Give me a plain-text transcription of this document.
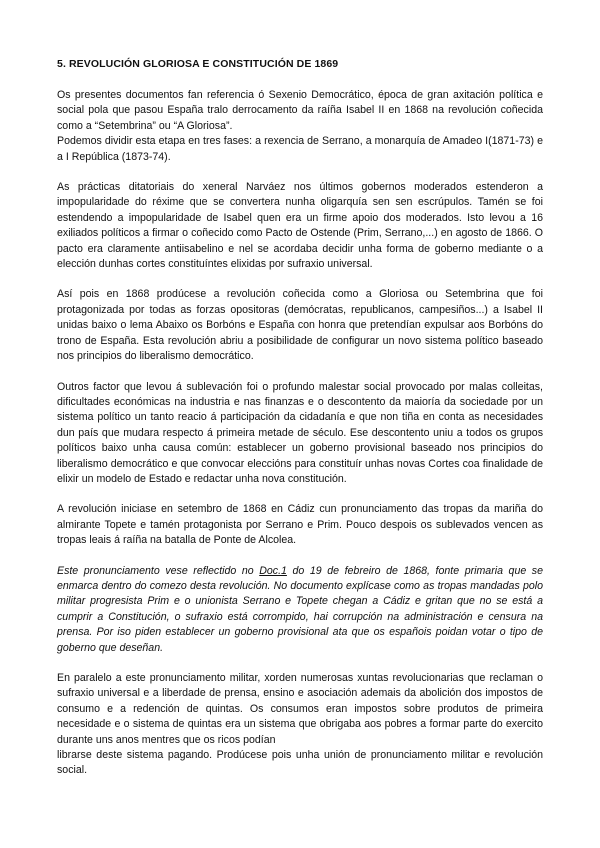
5. REVOLUCIÓN GLORIOSA E CONSTITUCIÓN DE 1869

Os presentes documentos fan referencia ó Sexenio Democrático, época de gran axitación política e social pola que pasou España tralo derrocamento da raíña Isabel II en 1868 na revolución coñecida como a “Setembrina” ou “A Gloriosa”.
Podemos dividir esta etapa en tres fases: a rexencia de Serrano, a monarquía de Amadeo I(1871-73) e a I República (1873-74).

As prácticas ditatoriais do xeneral Narváez nos últimos gobernos moderados estenderon a impopularidade do réxime que se convertera nunha oligarquía sen sen escrúpulos. Tamén se foi estendendo a impopularidade de Isabel quen era un firme apoio dos moderados. Isto levou a 16 exiliados políticos a firmar o coñecido como Pacto de Ostende (Prim, Serrano,...) en agosto de 1866. O pacto era claramente antiisabelino e nel se acordaba decidir unha forma de goberno mediante o a elección dunhas cortes constituíntes elixidas por sufraxio universal.

Así pois en 1868 prodúcese a revolución coñecida como a Gloriosa ou Setembrina que foi protagonizada por todas as forzas opositoras (demócratas, republicanos, campesiños...) a Isabel II unidas baixo o lema Abaixo os Borbóns e España con honra que pretendían expulsar aos Borbóns do trono de España. Esta revolución abriu a posibilidade de configurar un novo sistema político baseado nos principios do liberalismo democrático.

Outros factor que levou á sublevación foi o profundo malestar social provocado por malas colleitas, dificultades económicas na industria e nas finanzas e o descontento da maioría da sociedade por un sistema político un tanto reacio á participación da cidadanía e que non tiña en conta as necesidades dun país que mudara respecto á primeira metade de século. Ese descontento uniu a todos os grupos políticos baixo unha causa común: establecer un goberno provisional baseado nos principios do liberalismo democrático e que convocar eleccións para constituír unhas novas Cortes coa finalidade de elixir un modelo de Estado e redactar unha nova constitución.

A revolución iniciase en setembro de 1868 en Cádiz cun pronunciamento das tropas da mariña do almirante Topete e tamén protagonista por Serrano e Prim. Pouco despois os sublevados vencen as tropas leais á raíña na batalla de Ponte de Alcolea.

Este pronunciamento vese reflectido no Doc.1 do 19 de febreiro de 1868, fonte primaria que se enmarca dentro do comezo desta revolución. No documento explícase como as tropas mandadas polo militar progresista Prim e o unionista Serrano e Topete chegan a Cádiz e gritan que no se está a cumprir a Constitución, o sufraxio está corrompido, hai corrupción na administración e censura na prensa. Por iso piden establecer un goberno provisional ata que os españois poidan votar o tipo de goberno que deseñan.

En paralelo a este pronunciamento militar, xorden numerosas xuntas revolucionarias que reclaman o sufraxio universal e a liberdade de prensa, ensino e asociación ademais da abolición dos impostos de consumo e a redención de quintas. Os consumos eran impostos sobre produtos de primeira necesidade e o sistema de quintas era un sistema que obrigaba aos pobres a formar parte do exercito durante uns anos mentres que os ricos podían
librarse deste sistema pagando. Prodúcese pois unha unión de pronunciamento militar e revolución social.
